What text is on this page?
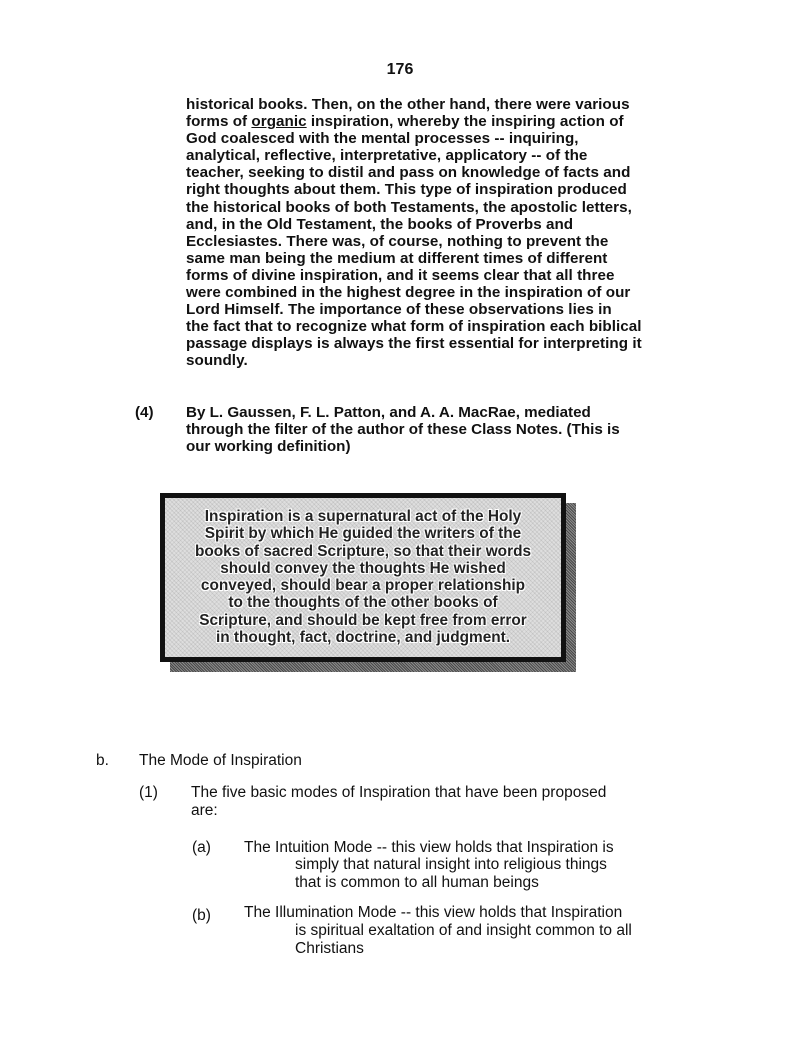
176
historical books. Then, on the other hand, there were various
forms of organic inspiration, whereby the inspiring action of
God coalesced with the mental processes -- inquiring,
analytical, reflective, interpretative, applicatory -- of the
teacher, seeking to distil and pass on knowledge of facts and
right thoughts about them. This type of inspiration produced
the historical books of both Testaments, the apostolic letters,
and, in the Old Testament, the books of Proverbs and
Ecclesiastes. There was, of course, nothing to prevent the
same man being the medium at different times of different
forms of divine inspiration, and it seems clear that all three
were combined in the highest degree in the inspiration of our
Lord Himself. The importance of these observations lies in
the fact that to recognize what form of inspiration each biblical
passage displays is always the first essential for interpreting it
soundly.
(4) By L. Gaussen, F. L. Patton, and A. A. MacRae, mediated
through the filter of the author of these Class Notes. (This is
our working definition)
Inspiration is a supernatural act of the Holy
Spirit by which He guided the writers of the
books of sacred Scripture, so that their words
should convey the thoughts He wished
conveyed, should bear a proper relationship
to the thoughts of the other books of
Scripture, and should be kept free from error
in thought, fact, doctrine, and judgment.
b. The Mode of Inspiration
(1) The five basic modes of Inspiration that have been proposed
are:
(a) The Intuition Mode -- this view holds that Inspiration is
simply that natural insight into religious things
that is common to all human beings
(b) The Illumination Mode -- this view holds that Inspiration
is spiritual exaltation of and insight common to all
Christians
